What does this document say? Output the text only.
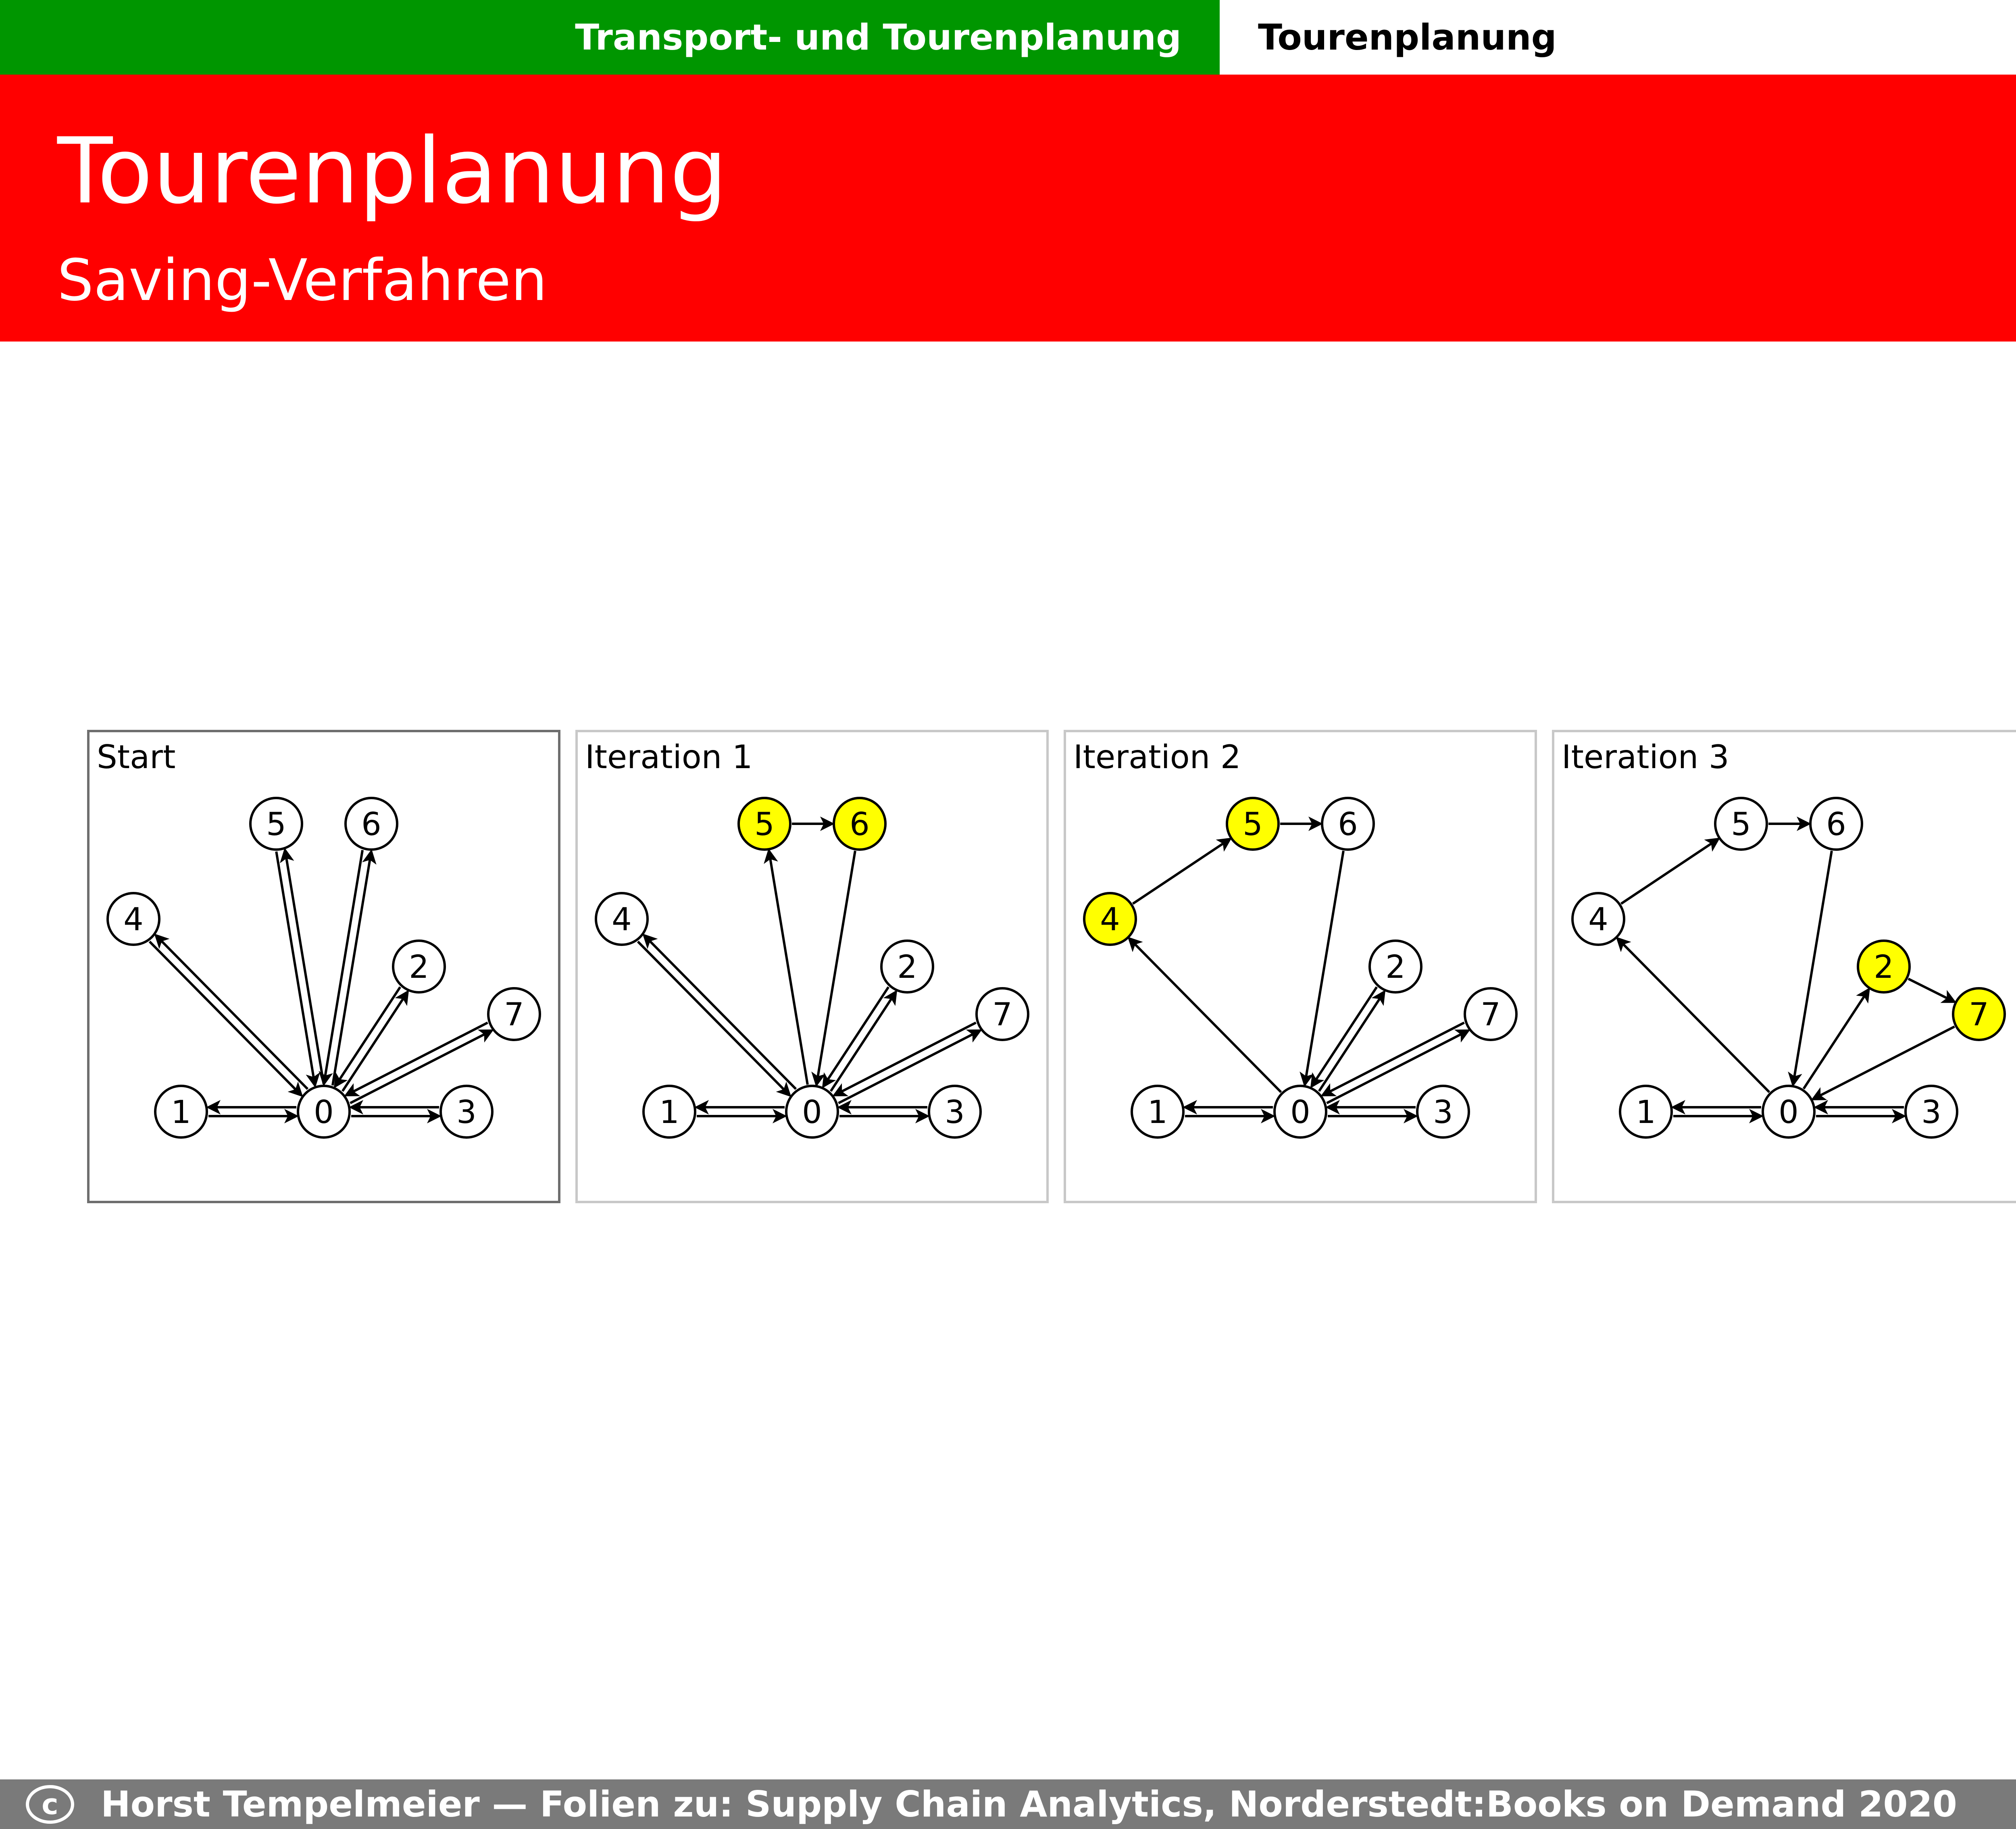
Transport- und Tourenplanung	Tourenplanung
Tourenplanung
Saving-Verfahren
0
1
2
3
4
5 6
7
Start
0
1
2
3
4
5 6
7
Iteration 1
0
1
2
3
4
5 6
7
Iteration 2
0
1
2
3
4
5 6
7
Iteration 3
c	Horst Tempelmeier — Folien zu: Supply Chain Analytics, Norderstedt:Books on Demand 2020
